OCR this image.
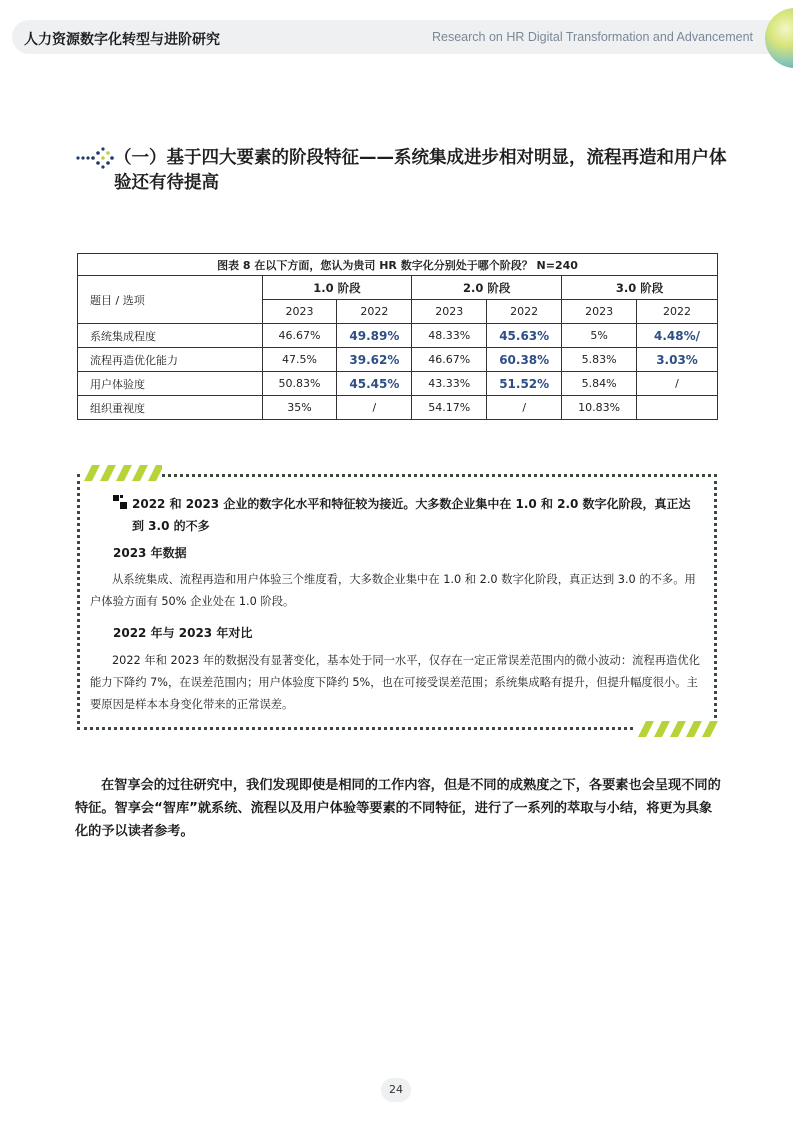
人力资源数字化转型与进阶研究	Research on HR Digital Transformation and Advancement
（一）基于四大要素的阶段特征——系统集成进步相对明显，流程再造和用户体验还有待提高
图表 8 在以下方面，您认为贵司 HR 数字化分别处于哪个阶段？ N=240						
题目 / 选项	1.0 阶段		2.0 阶段		3.0 阶段	
	2023	2022	2023	2022	2023	2022
系统集成程度	46.67%	49.89%	48.33%	45.63%	5%	4.48%/
流程再造优化能力	47.5%	39.62%	46.67%	60.38%	5.83%	3.03%
用户体验度	50.83%	45.45%	43.33%	51.52%	5.84%	/
组织重视度	35%	/	54.17%	/	10.83%	
2022 和 2023 企业的数字化水平和特征较为接近。大多数企业集中在 1.0 和 2.0 数字化阶段，真正达到 3.0 的不多
2023 年数据
从系统集成、流程再造和用户体验三个维度看，大多数企业集中在 1.0 和 2.0 数字化阶段，真正达到 3.0 的不多。用户体验方面有 50% 企业处在 1.0 阶段。
2022 年与 2023 年对比
2022 年和 2023 年的数据没有显著变化，基本处于同一水平，仅存在一定正常误差范围内的微小波动：流程再造优化能力下降约 7%，在误差范围内；用户体验度下降约 5%，也在可接受误差范围；系统集成略有提升，但提升幅度很小。主要原因是样本本身变化带来的正常误差。
在智享会的过往研究中，我们发现即使是相同的工作内容，但是不同的成熟度之下，各要素也会呈现不同的特征。智享会“智库”就系统、流程以及用户体验等要素的不同特征，进行了一系列的萃取与小结，将更为具象化的予以读者参考。
24
